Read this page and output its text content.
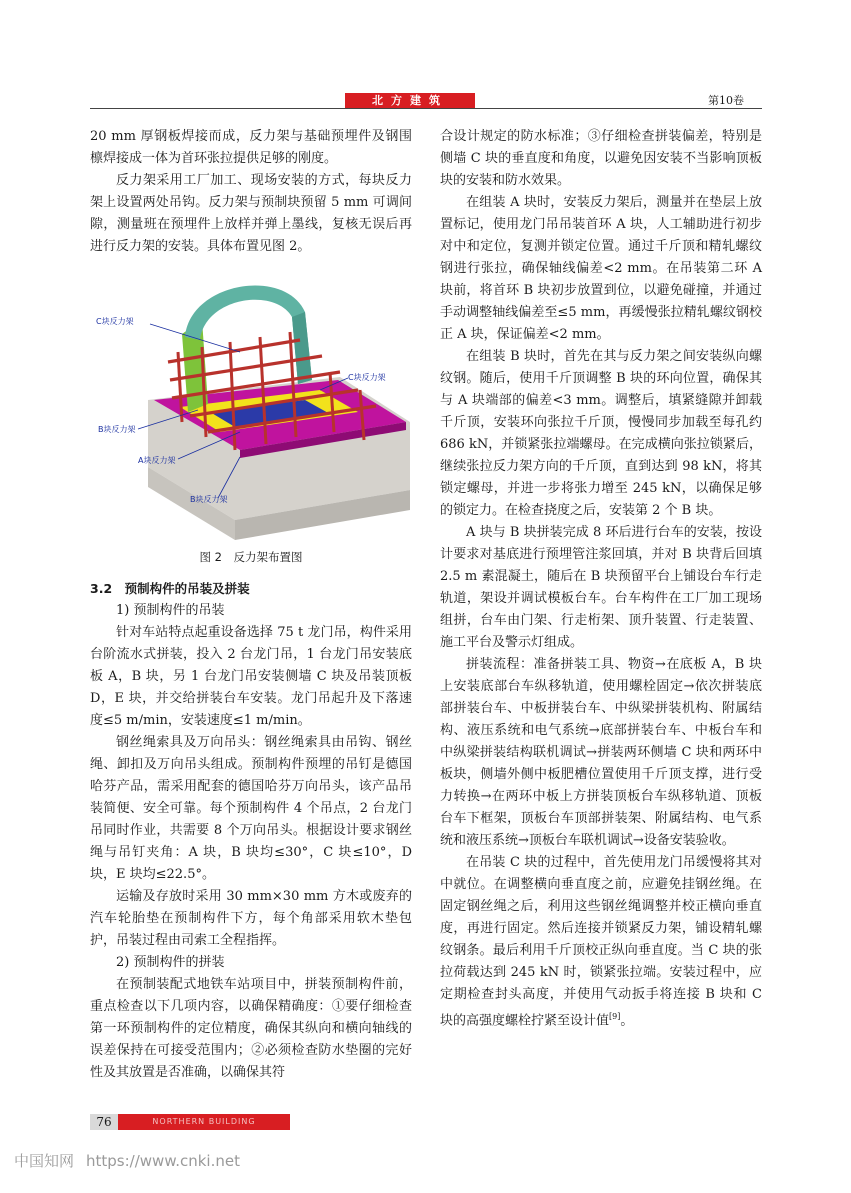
北方建筑	第10卷

20 mm 厚钢板焊接而成，反力架与基础预埋件及钢围檩焊接成一体为首环张拉提供足够的刚度。

反力架采用工厂加工、现场安装的方式，每块反力架上设置两处吊钩。反力架与预制块预留 5 mm 可调间隙，测量班在预埋件上放样并弹上墨线，复核无误后再进行反力架的安装。具体布置见图 2。

C块反力架
C块反力架
B块反力架
A块反力架
B块反力架
图 2　反力架布置图
3.2　预制构件的吊装及拼装
1) 预制构件的吊装

针对车站特点起重设备选择 75 t 龙门吊，构件采用台阶流水式拼装，投入 2 台龙门吊，1 台龙门吊安装底板 A，B 块，另 1 台龙门吊安装侧墙 C 块及吊装顶板 D，E 块，并交给拼装台车安装。龙门吊起升及下落速度≤5 m/min，安装速度≤1 m/min。

钢丝绳索具及万向吊头：钢丝绳索具由吊钩、钢丝绳、卸扣及万向吊头组成。预制构件预埋的吊钉是德国哈芬产品，需采用配套的德国哈芬万向吊头，该产品吊装简便、安全可靠。每个预制构件 4 个吊点，2 台龙门吊同时作业，共需要 8 个万向吊头。根据设计要求钢丝绳与吊钉夹角：A 块，B 块均≤30°，C 块≤10°，D 块，E 块均≤22.5°。

运输及存放时采用 30 mm×30 mm 方木或废弃的汽车轮胎垫在预制构件下方，每个角部采用软木垫包护，吊装过程由司索工全程指挥。

2) 预制构件的拼装

在预制装配式地铁车站项目中，拼装预制构件前，重点检查以下几项内容，以确保精确度：①要仔细检查第一环预制构件的定位精度，确保其纵向和横向轴线的误差保持在可接受范围内；②必须检查防水垫圈的完好性及其放置是否准确，以确保其符

合设计规定的防水标准；③仔细检查拼装偏差，特别是侧墙 C 块的垂直度和角度，以避免因安装不当影响顶板块的安装和防水效果。

在组装 A 块时，安装反力架后，测量并在垫层上放置标记，使用龙门吊吊装首环 A 块，人工辅助进行初步对中和定位，复测并锁定位置。通过千斤顶和精轧螺纹钢进行张拉，确保轴线偏差<2 mm。在吊装第二环 A 块前，将首环 B 块初步放置到位，以避免碰撞，并通过手动调整轴线偏差至≤5 mm，再缓慢张拉精轧螺纹钢校正 A 块，保证偏差<2 mm。

在组装 B 块时，首先在其与反力架之间安装纵向螺纹钢。随后，使用千斤顶调整 B 块的环向位置，确保其与 A 块端部的偏差<3 mm。调整后，填紧缝隙并卸载千斤顶，安装环向张拉千斤顶，慢慢同步加载至每孔约 686 kN，并锁紧张拉端螺母。在完成横向张拉锁紧后，继续张拉反力架方向的千斤顶，直到达到 98 kN，将其锁定螺母，并进一步将张力增至 245 kN，以确保足够的锁定力。在检查挠度之后，安装第 2 个 B 块。

A 块与 B 块拼装完成 8 环后进行台车的安装，按设计要求对基底进行预埋管注浆回填，并对 B 块背后回填 2.5 m 素混凝土，随后在 B 块预留平台上铺设台车行走轨道，架设并调试模板台车。台车构件在工厂加工现场组拼，台车由门架、行走桁架、顶升装置、行走装置、施工平台及警示灯组成。

拼装流程：准备拼装工具、物资→在底板 A，B 块上安装底部台车纵移轨道，使用螺栓固定→依次拼装底部拼装台车、中板拼装台车、中纵梁拼装机构、附属结构、液压系统和电气系统→底部拼装台车、中板台车和中纵梁拼装结构联机调试→拼装两环侧墙 C 块和两环中板块，侧墙外侧中板肥槽位置使用千斤顶支撑，进行受力转换→在两环中板上方拼装顶板台车纵移轨道、顶板台车下框架，顶板台车顶部拼装架、附属结构、电气系统和液压系统→顶板台车联机调试→设备安装验收。

在吊装 C 块的过程中，首先使用龙门吊缓慢将其对中就位。在调整横向垂直度之前，应避免挂钢丝绳。在固定钢丝绳之后，利用这些钢丝绳调整并校正横向垂直度，再进行固定。然后连接并锁紧反力架，铺设精轧螺纹钢条。最后利用千斤顶校正纵向垂直度。当 C 块的张拉荷载达到 245 kN 时，锁紧张拉端。安装过程中，应定期检查封头高度，并使用气动扳手将连接 B 块和 C 块的高强度螺栓拧紧至设计值[9]。

76	NORTHERN BUILDING
中国知网 https://www.cnki.net
